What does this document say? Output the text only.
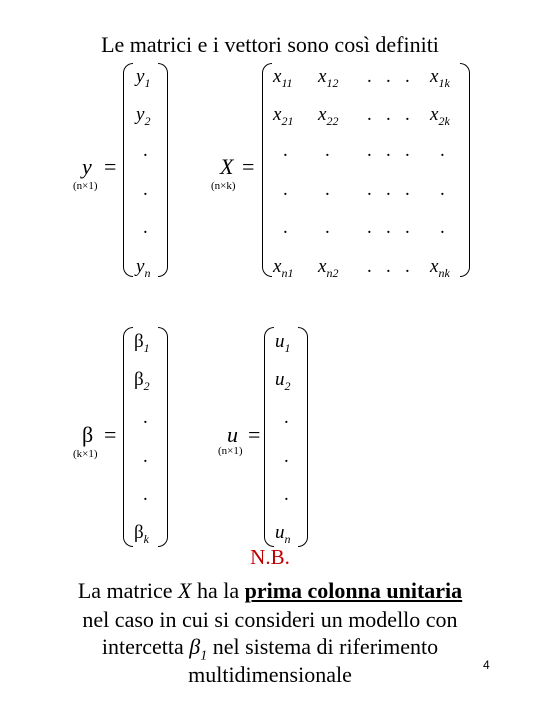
Le matrici e i vettori sono così definiti
y =
(n×1)
$y_1$
$y_2$
.
.
.
$y_n$
X =
(n×k)
$x_{11}$ $x_{12}$ . . . $x_{1k}$
$x_{21}$ $x_{22}$ . . . $x_{2k}$
. . . . . .
. . . . . .
. . . . . .
$x_{n1}$ $x_{n2}$ . . . $x_{nk}$
β =
(k×1)
$\beta_1$
$\beta_2$
.
.
.
$\beta_k$
u =
(n×1)
$u_1$
$u_2$
.
.
.
$u_n$
N.B.
La matrice X ha la prima colonna unitaria
nel caso in cui si consideri un modello con
intercetta $\beta_1$ nel sistema di riferimento
multidimensionale	4
